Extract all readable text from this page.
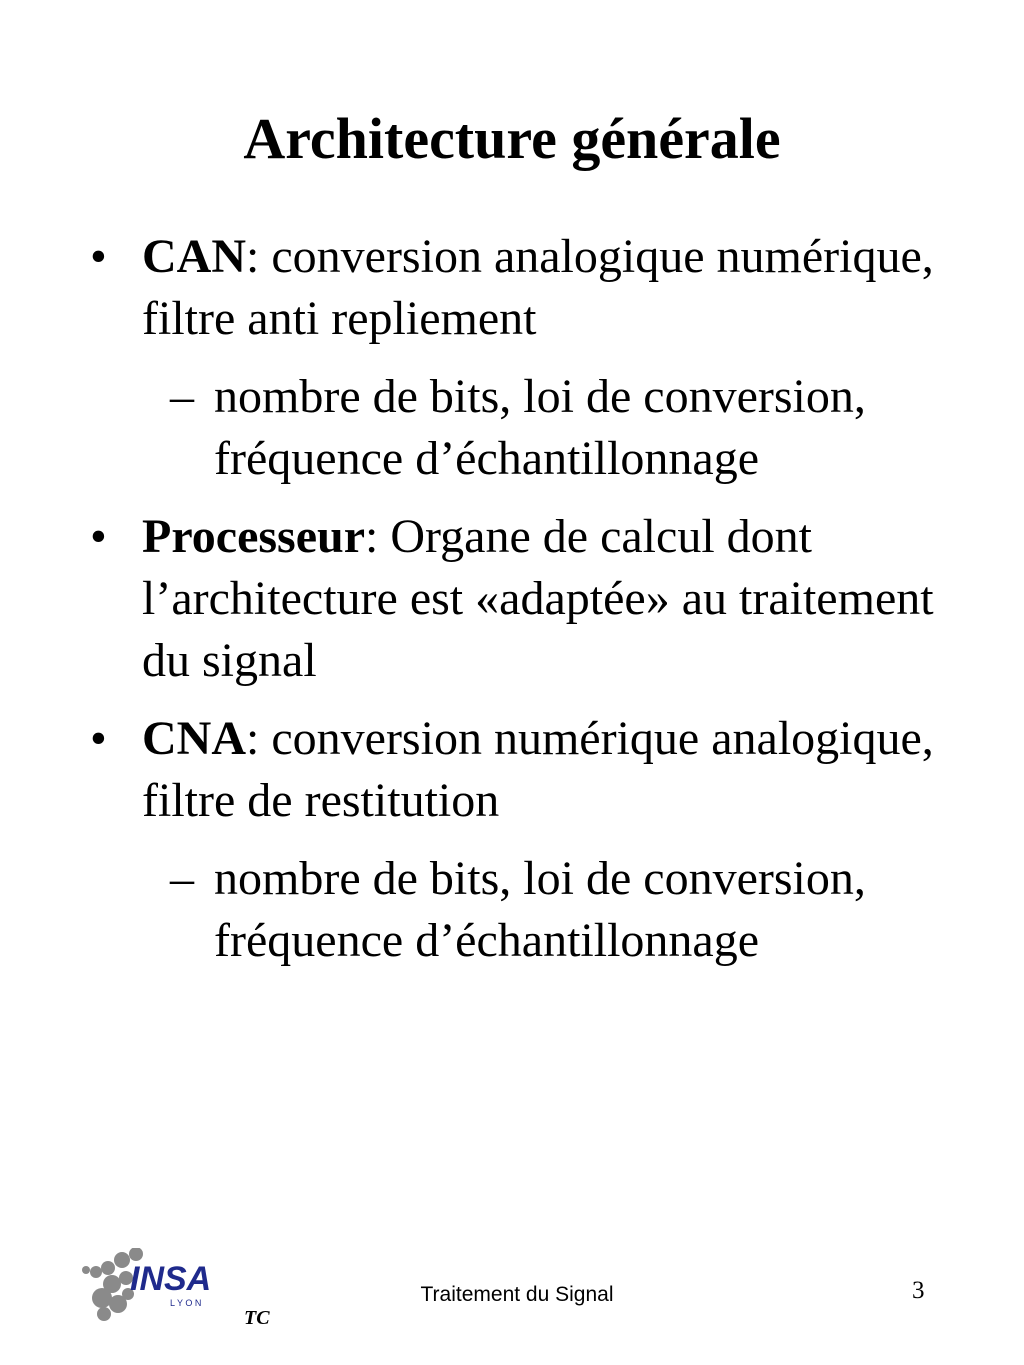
Architecture générale
• CAN: conversion analogique numérique, filtre anti repliement
– nombre de bits, loi de conversion, fréquence d’échantillonnage
• Processeur: Organe de calcul dont l’architecture est «adaptée» au traitement du signal
• CNA: conversion numérique analogique, filtre de restitution
– nombre de bits, loi de conversion, fréquence d’échantillonnage
INSA
L Y O N
TC
Traitement du Signal	3
